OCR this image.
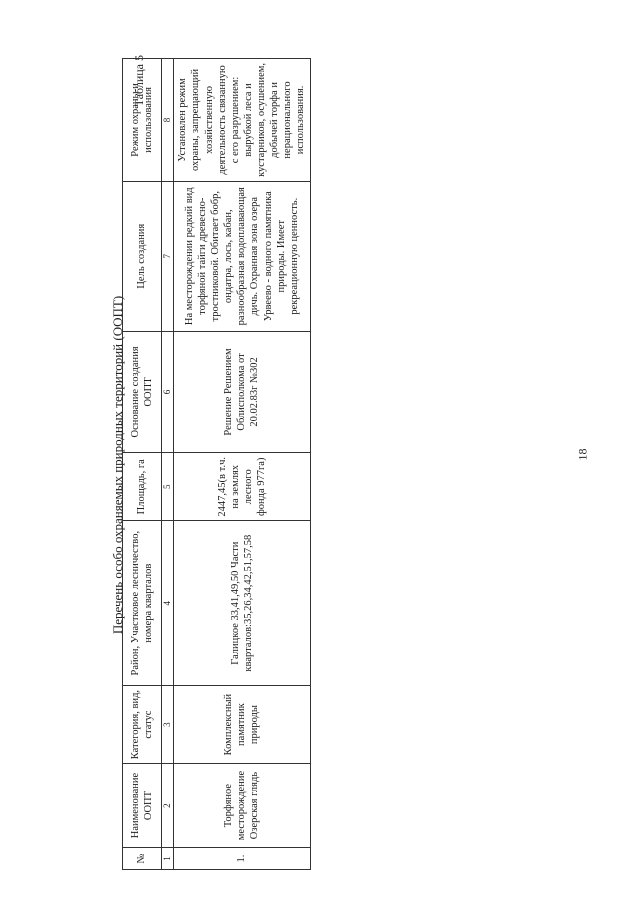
Перечень особо охраняемых природных территорий (ООПТ)
Таблица 5
№	Наименование ООПТ	Категория, вид, статус	Район, Участковое лесничество, номера кварталов	Площадь, га	Основание создания ООПТ	Цель создания	Режим охраны и использования
1	2	3	4	5	6	7	8
1.	Торфяное месторождение Озерская глядь	Комплексный памятник природы	Галицкое 33,41,49,50 Части кварталов:35,26,34,42,51,57,58	2447,45(в т.ч. на землях лесного фонда 977га)	Решение Решением Облисполкома от 20.02.83г №302	На месторождении редкий вид торфяной тайги древесно-тростниковой. Обитает бобр, ондатра, лось, кабан, разнообразная водоплавающая дичь. Охранная зона озера Урвеево - водного памятника природы. Имеет рекреационную ценность.	Установлен режим охраны, запрещающий хозяйственную деятельность связанную с его разрушением: вырубкой леса и кустарников, осушением, добычей торфа и нерационального использования.
18
